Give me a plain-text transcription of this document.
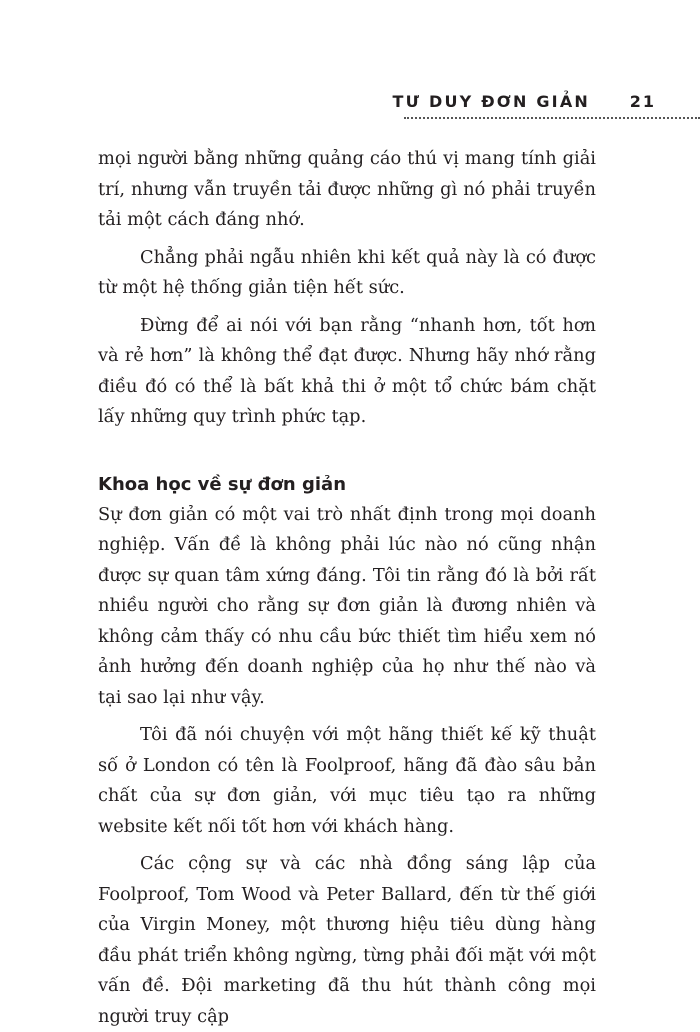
TƯ DUY ĐƠN GIẢN 21

mọi người bằng những quảng cáo thú vị mang tính giải trí, nhưng vẫn truyền tải được những gì nó phải truyền tải một cách đáng nhớ.

Chẳng phải ngẫu nhiên khi kết quả này là có được từ một hệ thống giản tiện hết sức.

Đừng để ai nói với bạn rằng “nhanh hơn, tốt hơn và rẻ hơn” là không thể đạt được. Nhưng hãy nhớ rằng điều đó có thể là bất khả thi ở một tổ chức bám chặt lấy những quy trình phức tạp.

Khoa học về sự đơn giản

Sự đơn giản có một vai trò nhất định trong mọi doanh nghiệp. Vấn đề là không phải lúc nào nó cũng nhận được sự quan tâm xứng đáng. Tôi tin rằng đó là bởi rất nhiều người cho rằng sự đơn giản là đương nhiên và không cảm thấy có nhu cầu bức thiết tìm hiểu xem nó ảnh hưởng đến doanh nghiệp của họ như thế nào và tại sao lại như vậy.

Tôi đã nói chuyện với một hãng thiết kế kỹ thuật số ở London có tên là Foolproof, hãng đã đào sâu bản chất của sự đơn giản, với mục tiêu tạo ra những website kết nối tốt hơn với khách hàng.

Các cộng sự và các nhà đồng sáng lập của Foolproof, Tom Wood và Peter Ballard, đến từ thế giới của Virgin Money, một thương hiệu tiêu dùng hàng đầu phát triển không ngừng, từng phải đối mặt với một vấn đề. Đội marketing đã thu hút thành công mọi người truy cập
